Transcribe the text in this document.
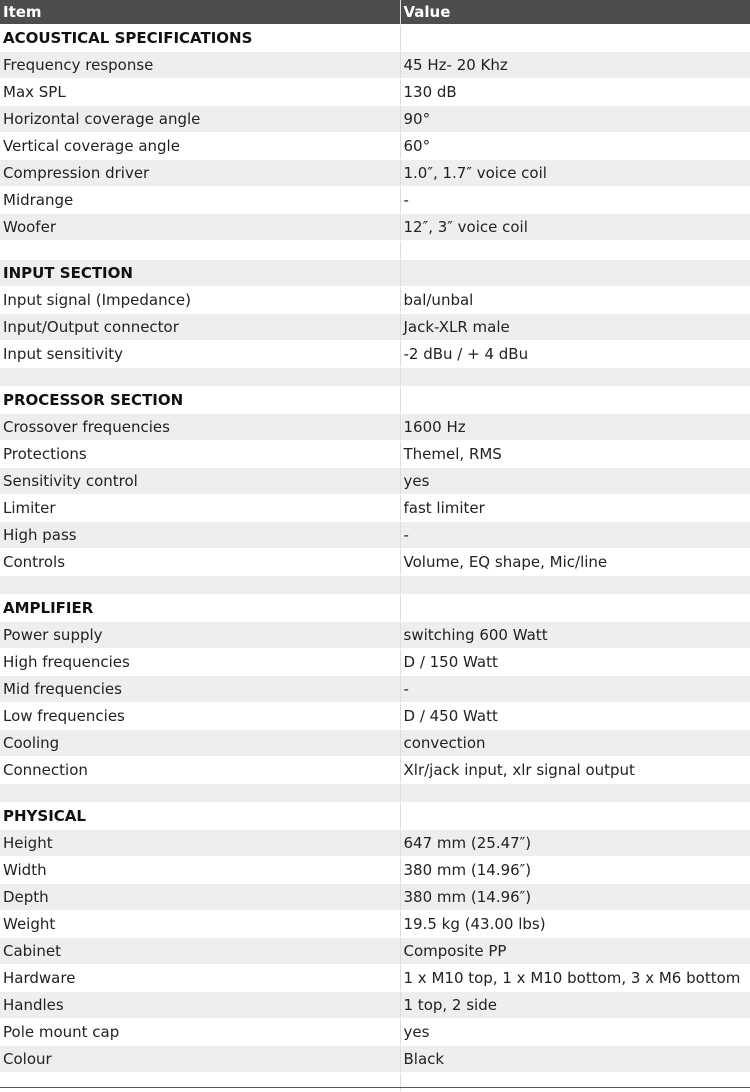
Item	Value
ACOUSTICAL SPECIFICATIONS	
Frequency response	45 Hz- 20 Khz
Max SPL	130 dB
Horizontal coverage angle	90°
Vertical coverage angle	60°
Compression driver	1.0″, 1.7″ voice coil
Midrange	-
Woofer	12″, 3″ voice coil

INPUT SECTION	
Input signal (Impedance)	bal/unbal
Input/Output connector	Jack-XLR male
Input sensitivity	-2 dBu / + 4 dBu

PROCESSOR SECTION	
Crossover frequencies	1600 Hz
Protections	Themel, RMS
Sensitivity control	yes
Limiter	fast limiter
High pass	-
Controls	Volume, EQ shape, Mic/line

AMPLIFIER	
Power supply	switching 600 Watt
High frequencies	D / 150 Watt
Mid frequencies	-
Low frequencies	D / 450 Watt
Cooling	convection
Connection	Xlr/jack input, xlr signal output

PHYSICAL	
Height	647 mm (25.47″)
Width	380 mm (14.96″)
Depth	380 mm (14.96″)
Weight	19.5 kg (43.00 lbs)
Cabinet	Composite PP
Hardware	1 x M10 top, 1 x M10 bottom, 3 x M6 bottom
Handles	1 top, 2 side
Pole mount cap	yes
Colour	Black
